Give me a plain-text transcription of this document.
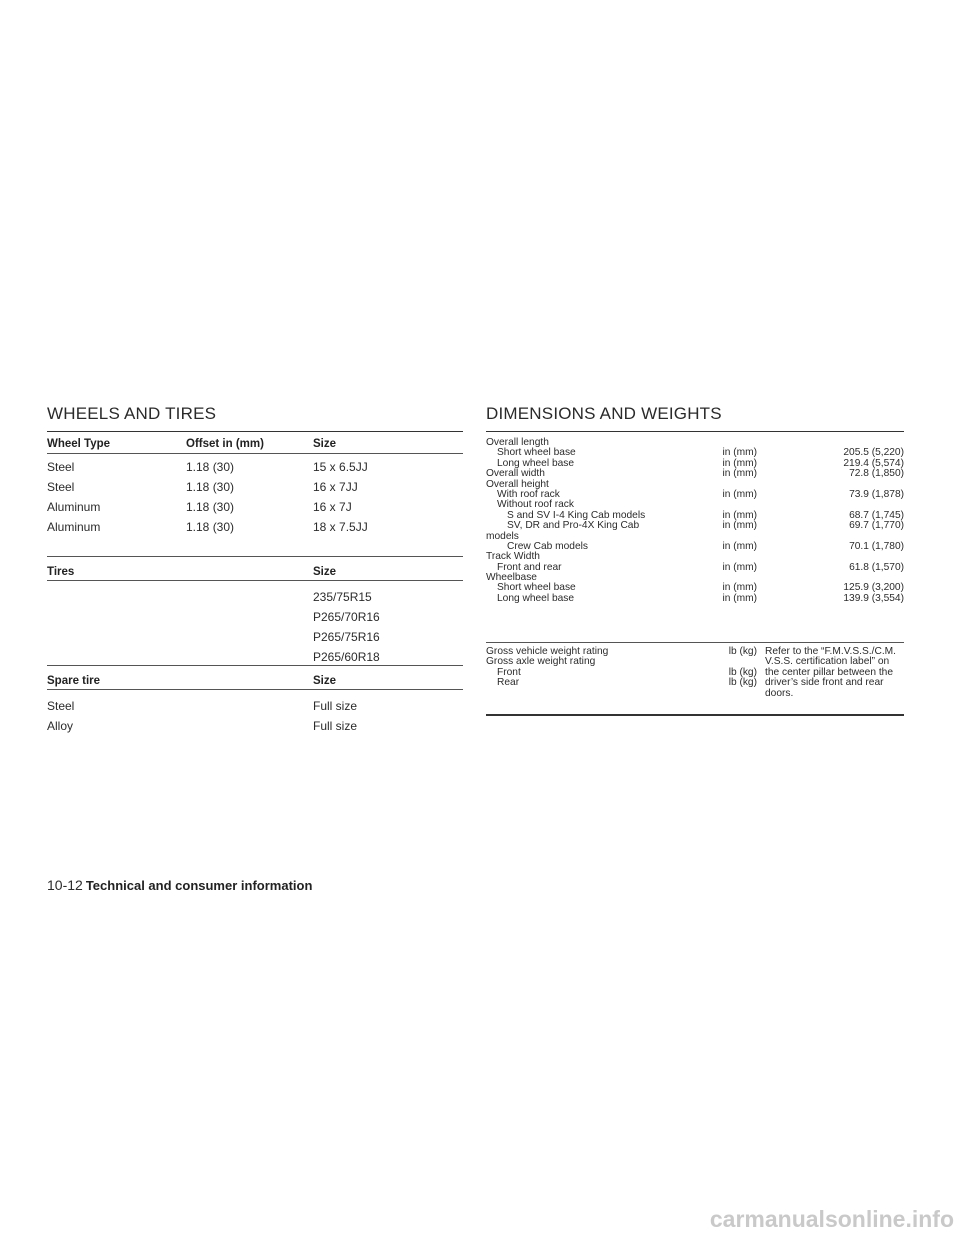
WHEELS AND TIRES
Wheel Type	Offset in (mm)	Size
Steel	1.18 (30)	15 x 6.5JJ
Steel	1.18 (30)	16 x 7JJ
Aluminum	1.18 (30)	16 x 7J
Aluminum	1.18 (30)	18 x 7.5JJ
Tires	Size
235/75R15
P265/70R16
P265/75R16
P265/60R18
Spare tire	Size
Steel	Full size
Alloy	Full size
DIMENSIONS AND WEIGHTS
Overall length
Short wheel base	in (mm)	205.5 (5,220)
Long wheel base	in (mm)	219.4 (5,574)
Overall width	in (mm)	72.8 (1,850)
Overall height
With roof rack	in (mm)	73.9 (1,878)
Without roof rack
S and SV I-4 King Cab models	in (mm)	68.7 (1,745)
SV, DR and Pro-4X King Cab	in (mm)	69.7 (1,770)
models
Crew Cab models	in (mm)	70.1 (1,780)
Track Width
Front and rear	in (mm)	61.8 (1,570)
Wheelbase
Short wheel base	in (mm)	125.9 (3,200)
Long wheel base	in (mm)	139.9 (3,554)
Gross vehicle weight rating	lb (kg)
Gross axle weight rating
Front	lb (kg)
Rear	lb (kg)
Refer to the “F.M.V.S.S./C.M. V.S.S. certification label” on the center pillar between the driver’s side front and rear doors.
10-12 Technical and consumer information
carmanualsonline.info
